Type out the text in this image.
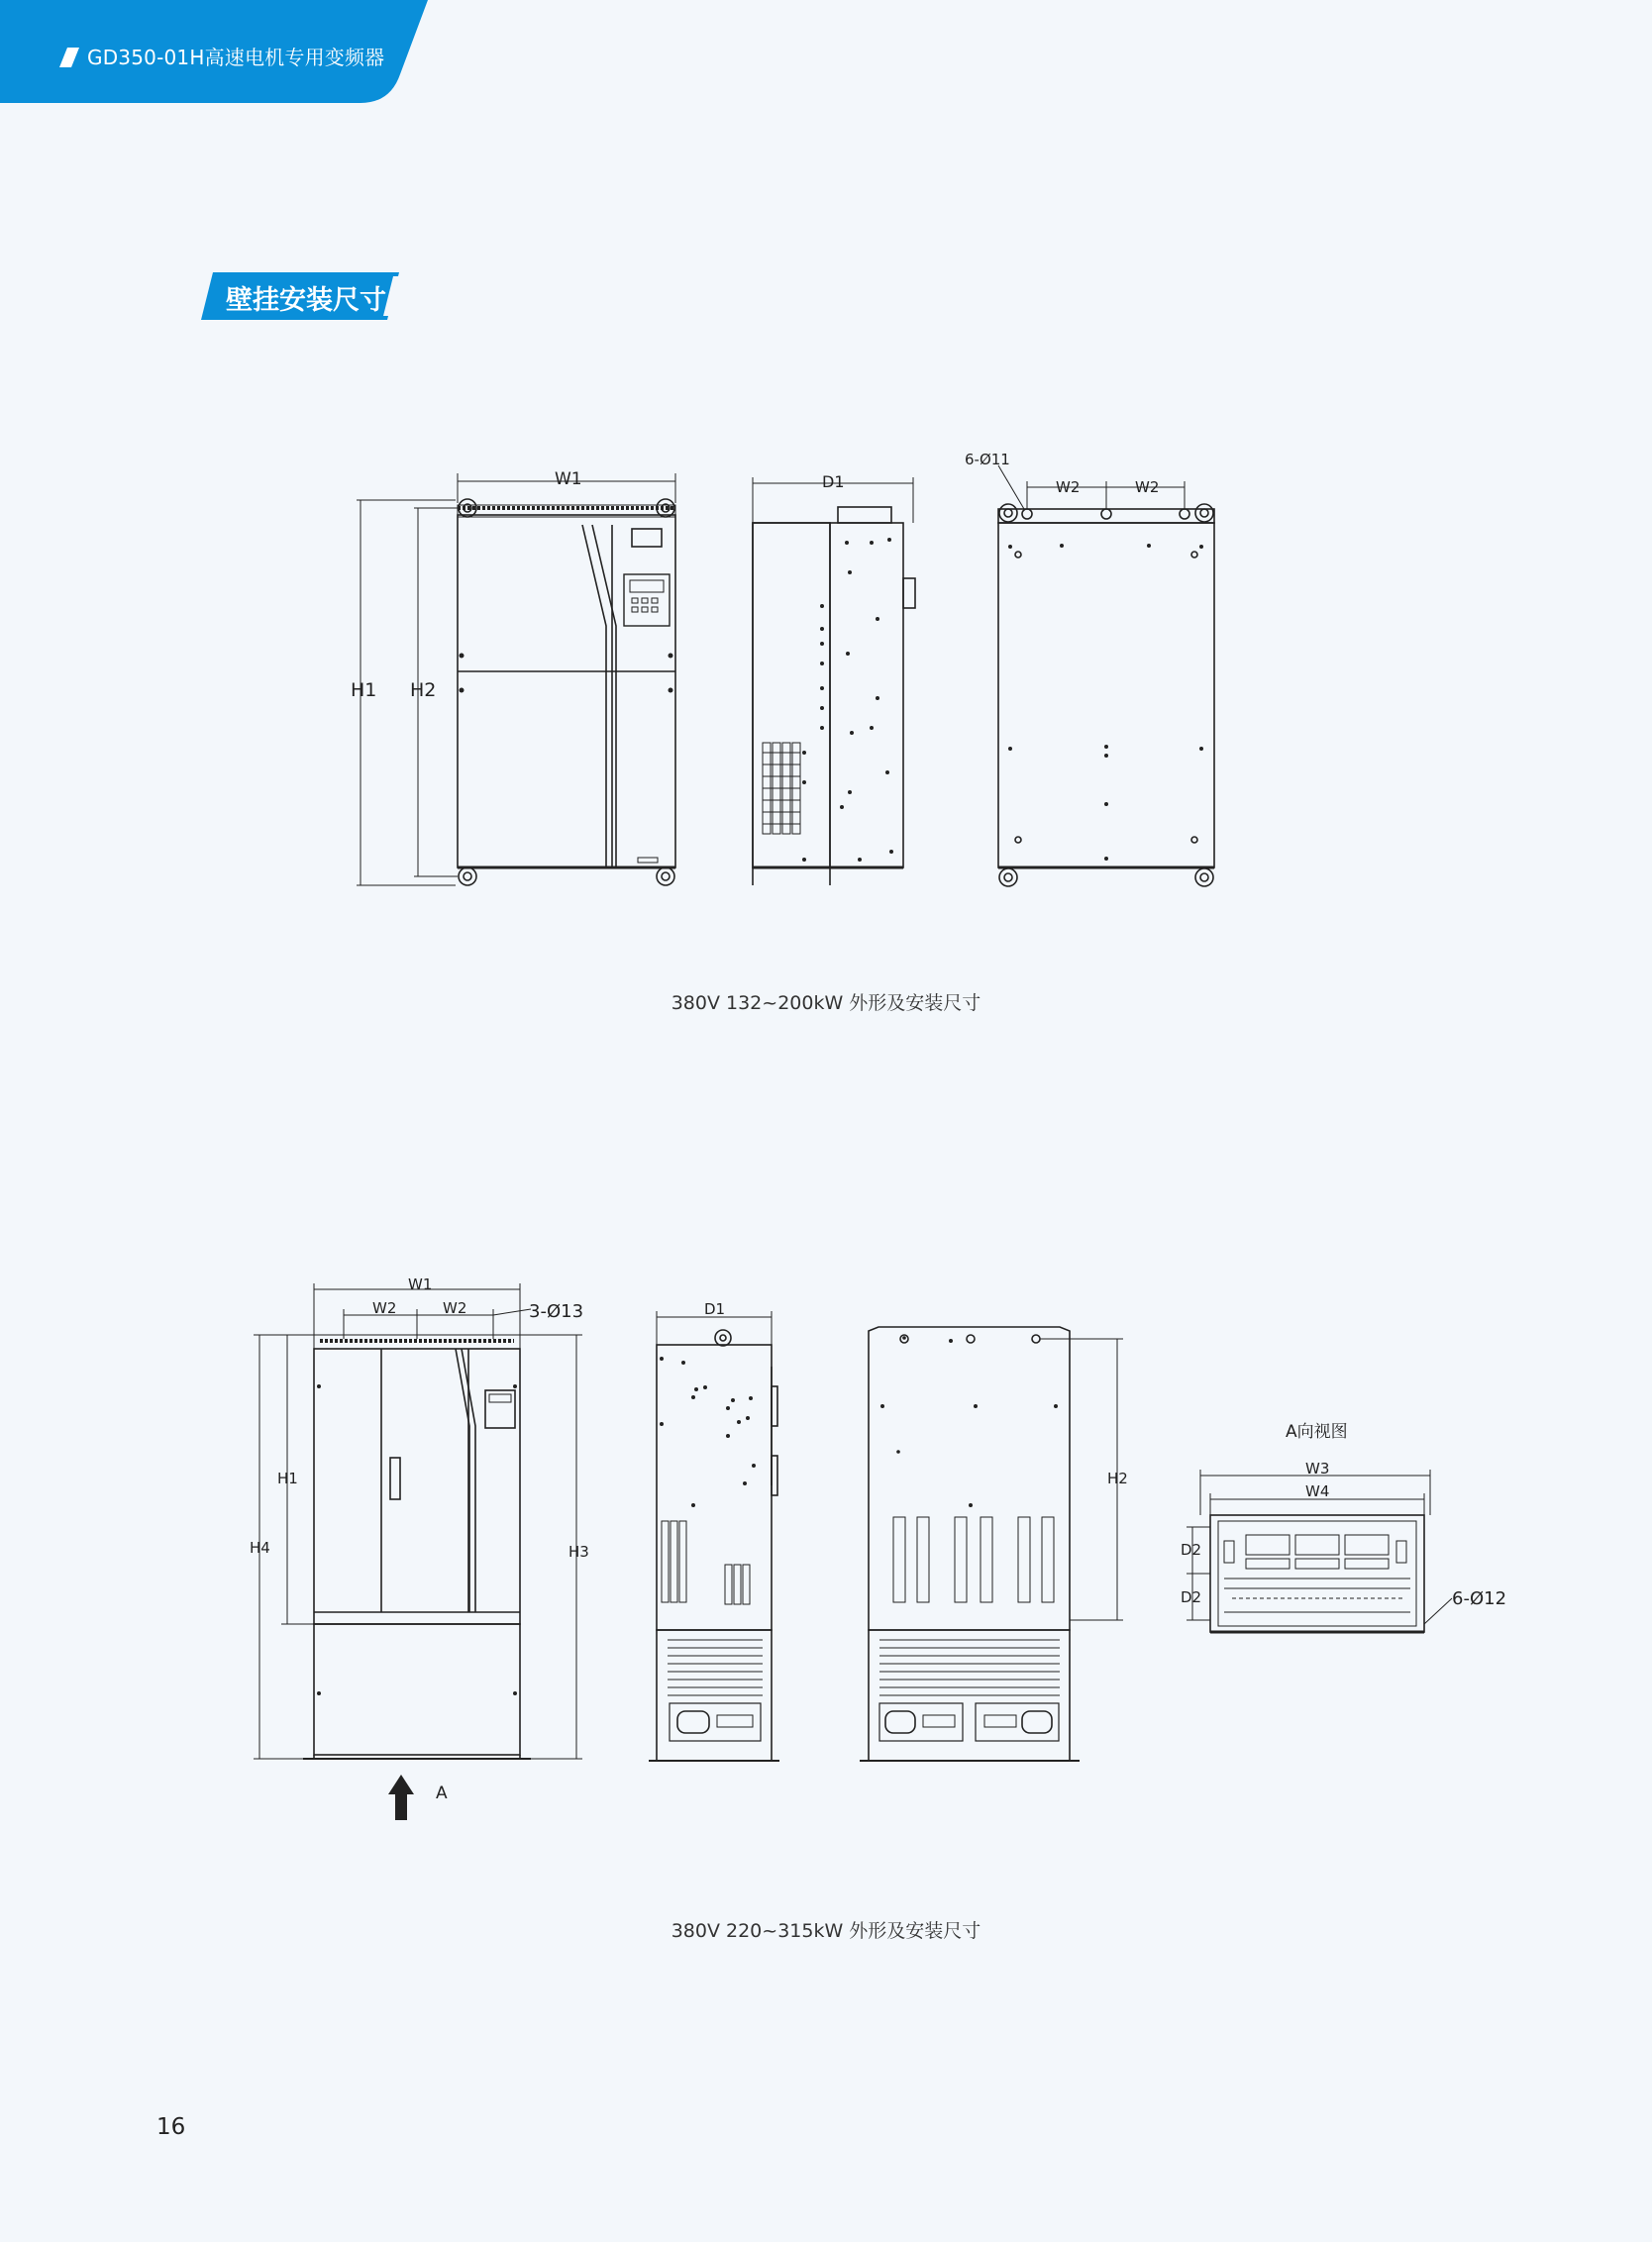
GD350-01H高速电机专用变频器
壁挂安装尺寸
W1
H1 H2
D1
6-Ø11
W2	W2
380V 132~200kW 外形及安装尺寸
W1
W2	W2	3-Ø13
H1
H4	H3
D1
H2
A
A向视图
W3
W4
D2
D2	6-Ø12
380V 220~315kW 外形及安装尺寸
16
